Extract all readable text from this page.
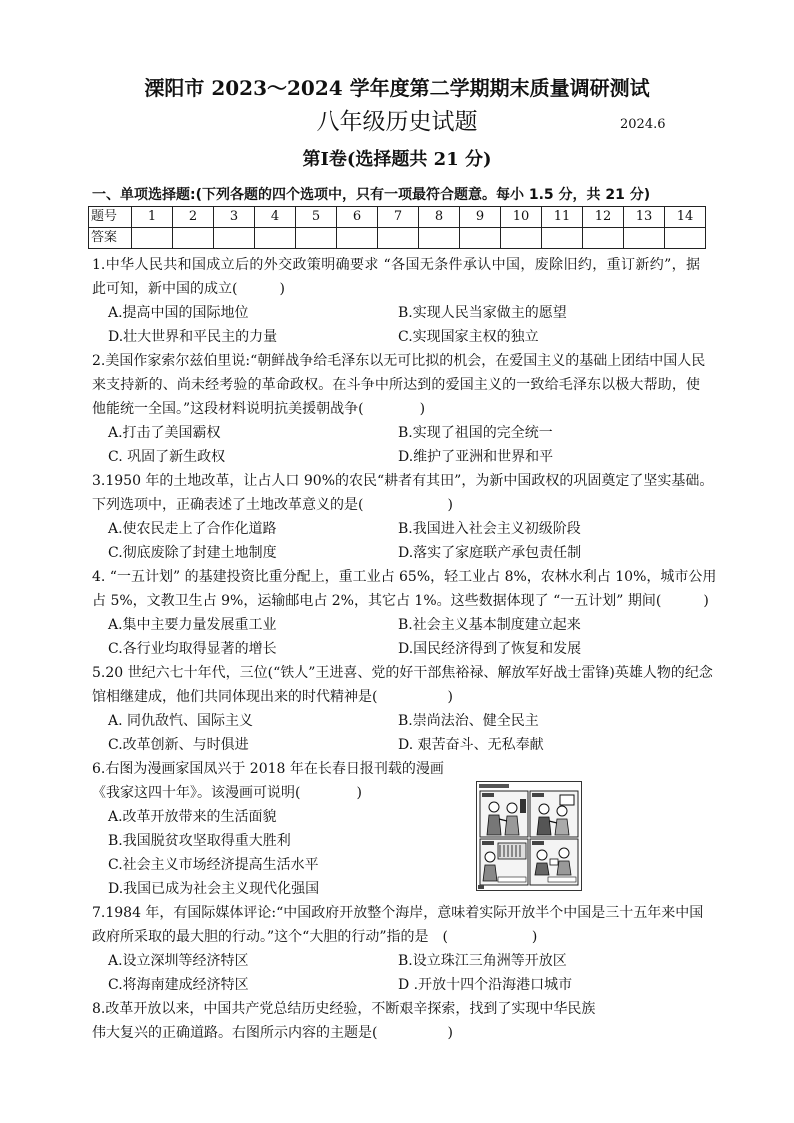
溧阳市 2023～2024 学年度第二学期期末质量调研测试
八年级历史试题	2024.6
第Ⅰ卷(选择题共 21 分)
一、单项选择题:(下列各题的四个选项中，只有一项最符合题意。每小 1.5 分，共 21 分)
题号	1	2	3	4	5	6	7	8	9	10	11	12	13	14
答案														
1.中华人民共和国成立后的外交政策明确要求 “各国无条件承认中国，废除旧约，重订新约”，据
此可知，新中国的成立(　　　)
A.提高中国的国际地位	B.实现人民当家做主的愿望
D.壮大世界和平民主的力量	C.实现国家主权的独立
2.美国作家索尔兹伯里说:“朝鲜战争给毛泽东以无可比拟的机会，在爱国主义的基础上团结中国人民
来支持新的、尚未经考验的革命政权。在斗争中所达到的爱国主义的一致给毛泽东以极大帮助，使
他能统一全国。”这段材料说明抗美援朝战争(　　　　)
A.打击了美国霸权	B.实现了祖国的完全统一
C. 巩固了新生政权	D.维护了亚洲和世界和平
3.1950 年的土地改革，让占人口 90%的农民“耕者有其田”，为新中国政权的巩固奠定了坚实基础。
下列选项中，正确表述了土地改革意义的是(　　　　　　)
A.使农民走上了合作化道路	B.我国进入社会主义初级阶段
C.彻底废除了封建土地制度	D.落实了家庭联产承包责任制
4. “一五计划” 的基建投资比重分配上，重工业占 65%，轻工业占 8%，农林水利占 10%，城市公用
占 5%，文教卫生占 9%，运输邮电占 2%，其它占 1%。这些数据体现了 “一五计划” 期间(　　　)
A.集中主要力量发展重工业	B.社会主义基本制度建立起来
C.各行业均取得显著的增长	D.国民经济得到了恢复和发展
5.20 世纪六七十年代，三位(“铁人”王进喜、党的好干部焦裕禄、解放军好战士雷锋)英雄人物的纪念
馆相继建成，他们共同体现出来的时代精神是(　　　　　)
A. 同仇敌忾、国际主义	B.崇尚法治、健全民主
C.改革创新、与时俱进	D. 艰苦奋斗、无私奉献
6.右图为漫画家国凤兴于 2018 年在长春日报刊载的漫画
《我家这四十年》。该漫画可说明(　　　　)
A.改革开放带来的生活面貌
B.我国脱贫攻坚取得重大胜利
C.社会主义市场经济提高生活水平
D.我国已成为社会主义现代化强国
7.1984 年，有国际媒体评论:“中国政府开放整个海岸，意味着实际开放半个中国是三十五年来中国
政府所采取的最大胆的行动。”这个“大胆的行动”指的是　(　　　　　　)
A.设立深圳等经济特区	B.设立珠江三角洲等开放区
C.将海南建成经济特区	D .开放十四个沿海港口城市
8.改革开放以来，中国共产党总结历史经验，不断艰辛探索，找到了实现中华民族
伟大复兴的正确道路。右图所示内容的主题是(　　　　　)
